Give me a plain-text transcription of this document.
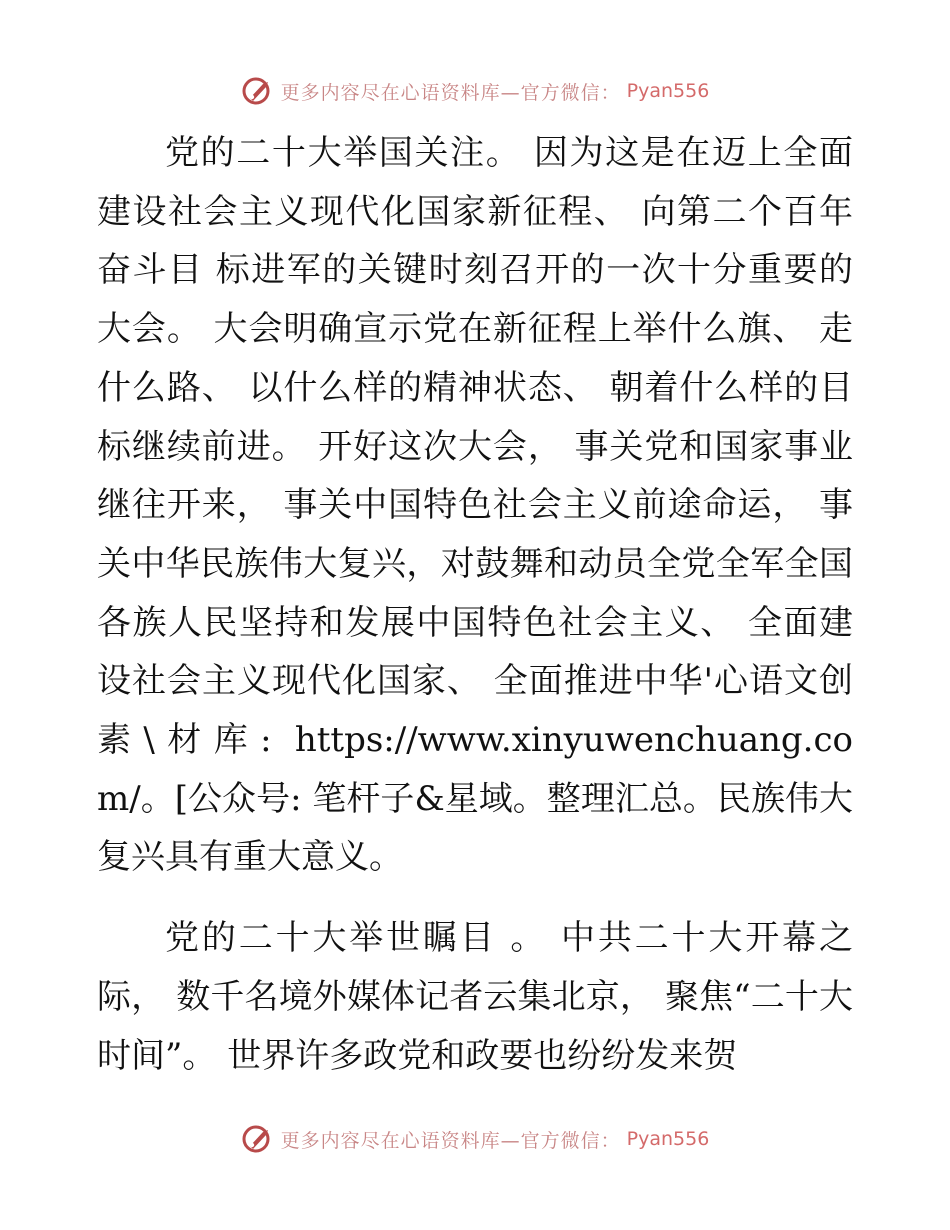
更多内容尽在心语资料库—官方微信： Pyan556

党的二十大举国关注。 因为这是在迈上全面建设社会主义现代化国家新征程、 向第二个百年奋斗目 标进军的关键时刻召开的一次十分重要的大会。 大会明确宣示党在新征程上举什么旗、 走什么路、 以什么样的精神状态、 朝着什么样的目标继续前进。 开好这次大会， 事关党和国家事业继往开来， 事关中国特色社会主义前途命运， 事关中华民族伟大复兴，对鼓舞和动员全党全军全国各族人民坚持和发展中国特色社会主义、 全面建设社会主义现代化国家、 全面推进中华'心语文创素\材库: https://www.xinyuwenchuang.com/。[公众号: 笔杆子&星域。整理汇总。民族伟大复兴具有重大意义。

党的二十大举世瞩目 。 中共二十大开幕之际， 数千名境外媒体记者云集北京， 聚焦“二十大时间”。 世界许多政党和政要也纷纷发来贺

更多内容尽在心语资料库—官方微信： Pyan556
